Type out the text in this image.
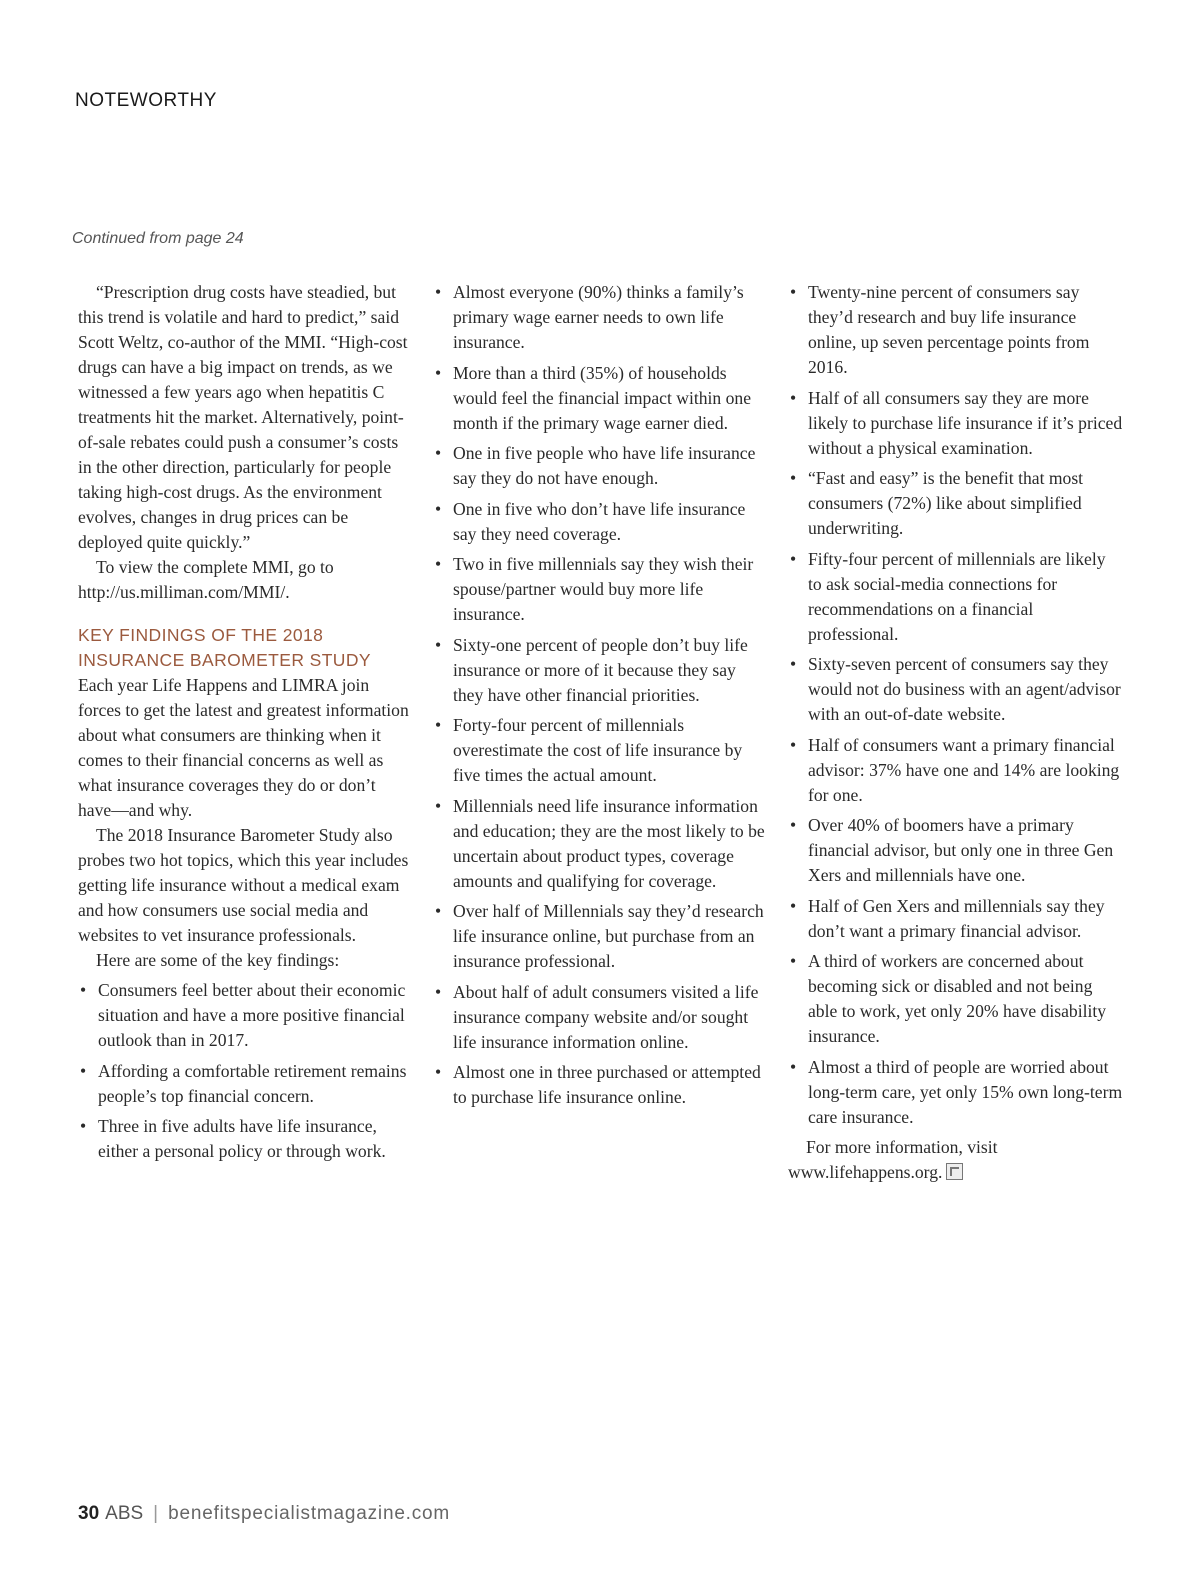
NOTEWORTHY
Continued from page 24

“Prescription drug costs have steadied, but this trend is volatile and hard to predict,” said Scott Weltz, co-author of the MMI. “High-cost drugs can have a big impact on trends, as we witnessed a few years ago when hepatitis C treatments hit the market. Alternatively, point-of-sale rebates could push a consumer’s costs in the other direction, particularly for people taking high-cost drugs. As the environment evolves, changes in drug prices can be deployed quite quickly.”

To view the complete MMI, go to http://us.milliman.com/MMI/.

KEY FINDINGS OF THE 2018 INSURANCE BAROMETER STUDY

Each year Life Happens and LIMRA join forces to get the latest and greatest information about what consumers are thinking when it comes to their financial concerns as well as what insurance coverages they do or don’t have—and why.

The 2018 Insurance Barometer Study also probes two hot topics, which this year includes getting life insurance without a medical exam and how consumers use social media and websites to vet insurance professionals.

Here are some of the key findings:

• Consumers feel better about their economic situation and have a more positive financial outlook than in 2017.
• Affording a comfortable retirement remains people’s top financial concern.
• Three in five adults have life insurance, either a personal policy or through work.
• Almost everyone (90%) thinks a family’s primary wage earner needs to own life insurance.
• More than a third (35%) of households would feel the financial impact within one month if the primary wage earner died.
• One in five people who have life insurance say they do not have enough.
• One in five who don’t have life insurance say they need coverage.
• Two in five millennials say they wish their spouse/partner would buy more life insurance.
• Sixty-one percent of people don’t buy life insurance or more of it because they say they have other financial priorities.
• Forty-four percent of millennials overestimate the cost of life insurance by five times the actual amount.
• Millennials need life insurance information and education; they are the most likely to be uncertain about product types, coverage amounts and qualifying for coverage.
• Over half of Millennials say they’d research life insurance online, but purchase from an insurance professional.
• About half of adult consumers visited a life insurance company website and/or sought life insurance information online.
• Almost one in three purchased or attempted to purchase life insurance online.
• Twenty-nine percent of consumers say they’d research and buy life insurance online, up seven percentage points from 2016.
• Half of all consumers say they are more likely to purchase life insurance if it’s priced without a physical examination.
• “Fast and easy” is the benefit that most consumers (72%) like about simplified underwriting.
• Fifty-four percent of millennials are likely to ask social-media connections for recommendations on a financial professional.
• Sixty-seven percent of consumers say they would not do business with an agent/advisor with an out-of-date website.
• Half of consumers want a primary financial advisor: 37% have one and 14% are looking for one.
• Over 40% of boomers have a primary financial advisor, but only one in three Gen Xers and millennials have one.
• Half of Gen Xers and millennials say they don’t want a primary financial advisor.
• A third of workers are concerned about becoming sick or disabled and not being able to work, yet only 20% have disability insurance.
• Almost a third of people are worried about long-term care, yet only 15% own long-term care insurance.

For more information, visit www.lifehappens.org.

30 ABS | benefitspecialistmagazine.com
